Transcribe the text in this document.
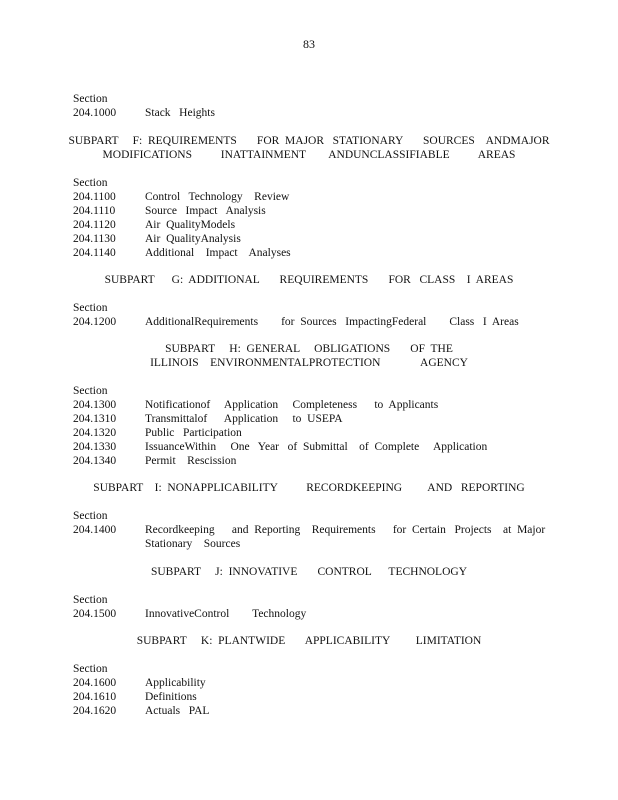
83
Section
204.1000	Stack   Heights
SUBPART     F:  REQUIREMENTS       FOR  MAJOR   STATIONARY       SOURCES    ANDMAJOR
MODIFICATIONS          INATTAINMENT        ANDUNCLASSIFIABLE          AREAS
Section
204.1100	Control   Technology    Review
204.1110	Source   Impact   Analysis
204.1120	Air  QualityModels
204.1130	Air  QualityAnalysis
204.1140	Additional    Impact    Analyses
SUBPART      G:  ADDITIONAL       REQUIREMENTS       FOR   CLASS    I  AREAS
Section
204.1200	AdditionalRequirements        for  Sources   ImpactingFederal        Class   I  Areas
SUBPART     H:  GENERAL     OBLIGATIONS       OF  THE
ILLINOIS    ENVIRONMENTALPROTECTION              AGENCY
Section
204.1300	Notificationof     Application     Completeness      to  Applicants
204.1310	Transmittalof      Application     to  USEPA
204.1320	Public   Participation
204.1330	IssuanceWithin     One   Year   of  Submittal    of  Complete     Application
204.1340	Permit    Rescission
SUBPART    I:  NONAPPLICABILITY          RECORDKEEPING         AND   REPORTING
Section
204.1400	Recordkeeping      and  Reporting    Requirements      for  Certain   Projects    at  Major
Stationary    Sources
SUBPART     J:  INNOVATIVE       CONTROL      TECHNOLOGY
Section
204.1500	InnovativeControl        Technology
SUBPART     K:  PLANTWIDE       APPLICABILITY         LIMITATION
Section
204.1600	Applicability
204.1610	Definitions
204.1620	Actuals   PAL
